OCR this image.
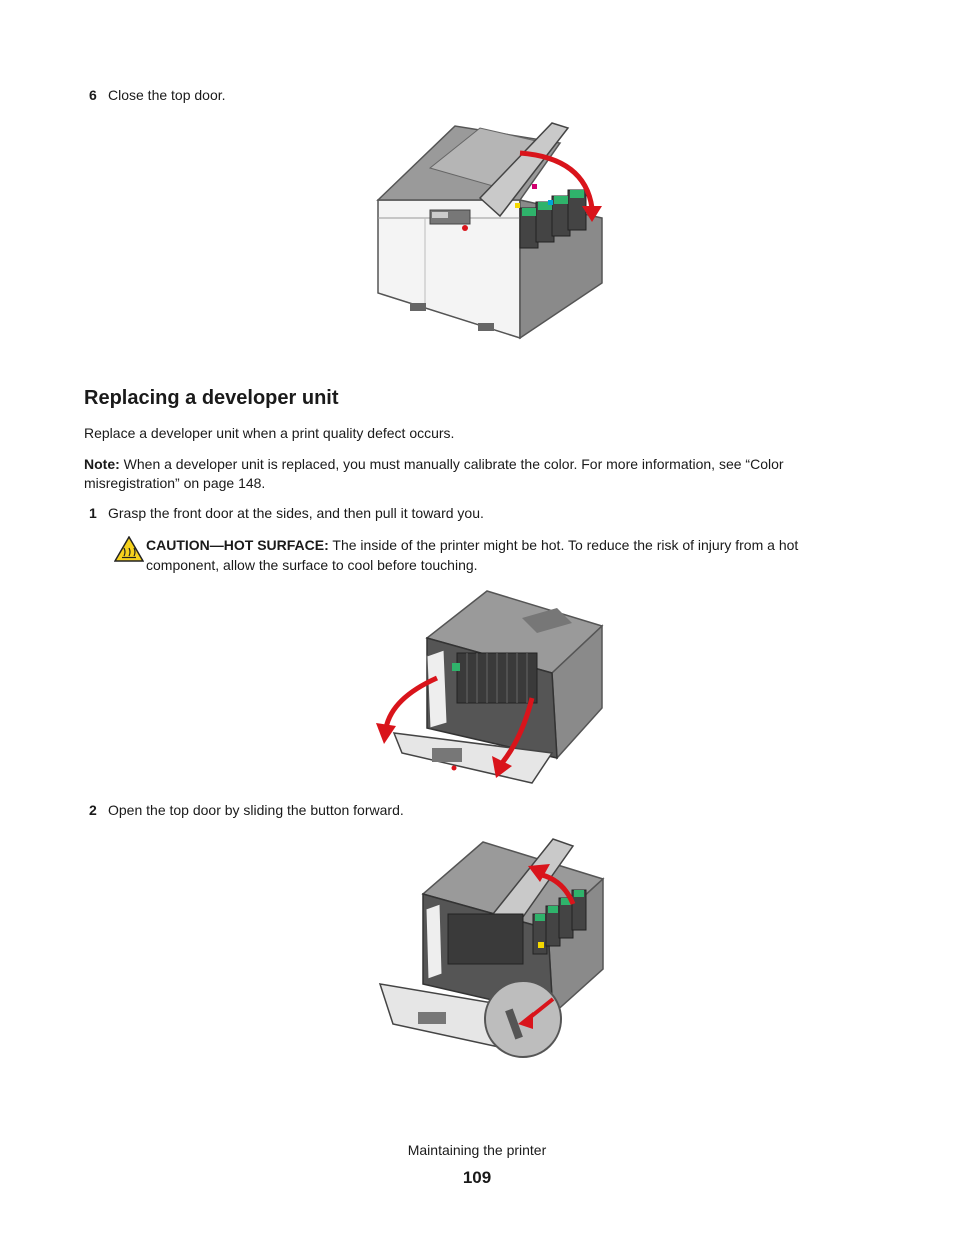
6 Close the top door.
Replacing a developer unit
Replace a developer unit when a print quality defect occurs.
Note: When a developer unit is replaced, you must manually calibrate the color. For more information, see “Color misregistration” on page 148.
1 Grasp the front door at the sides, and then pull it toward you.
CAUTION—HOT SURFACE: The inside of the printer might be hot. To reduce the risk of injury from a hot component, allow the surface to cool before touching.
2 Open the top door by sliding the button forward.
Maintaining the printer
109
